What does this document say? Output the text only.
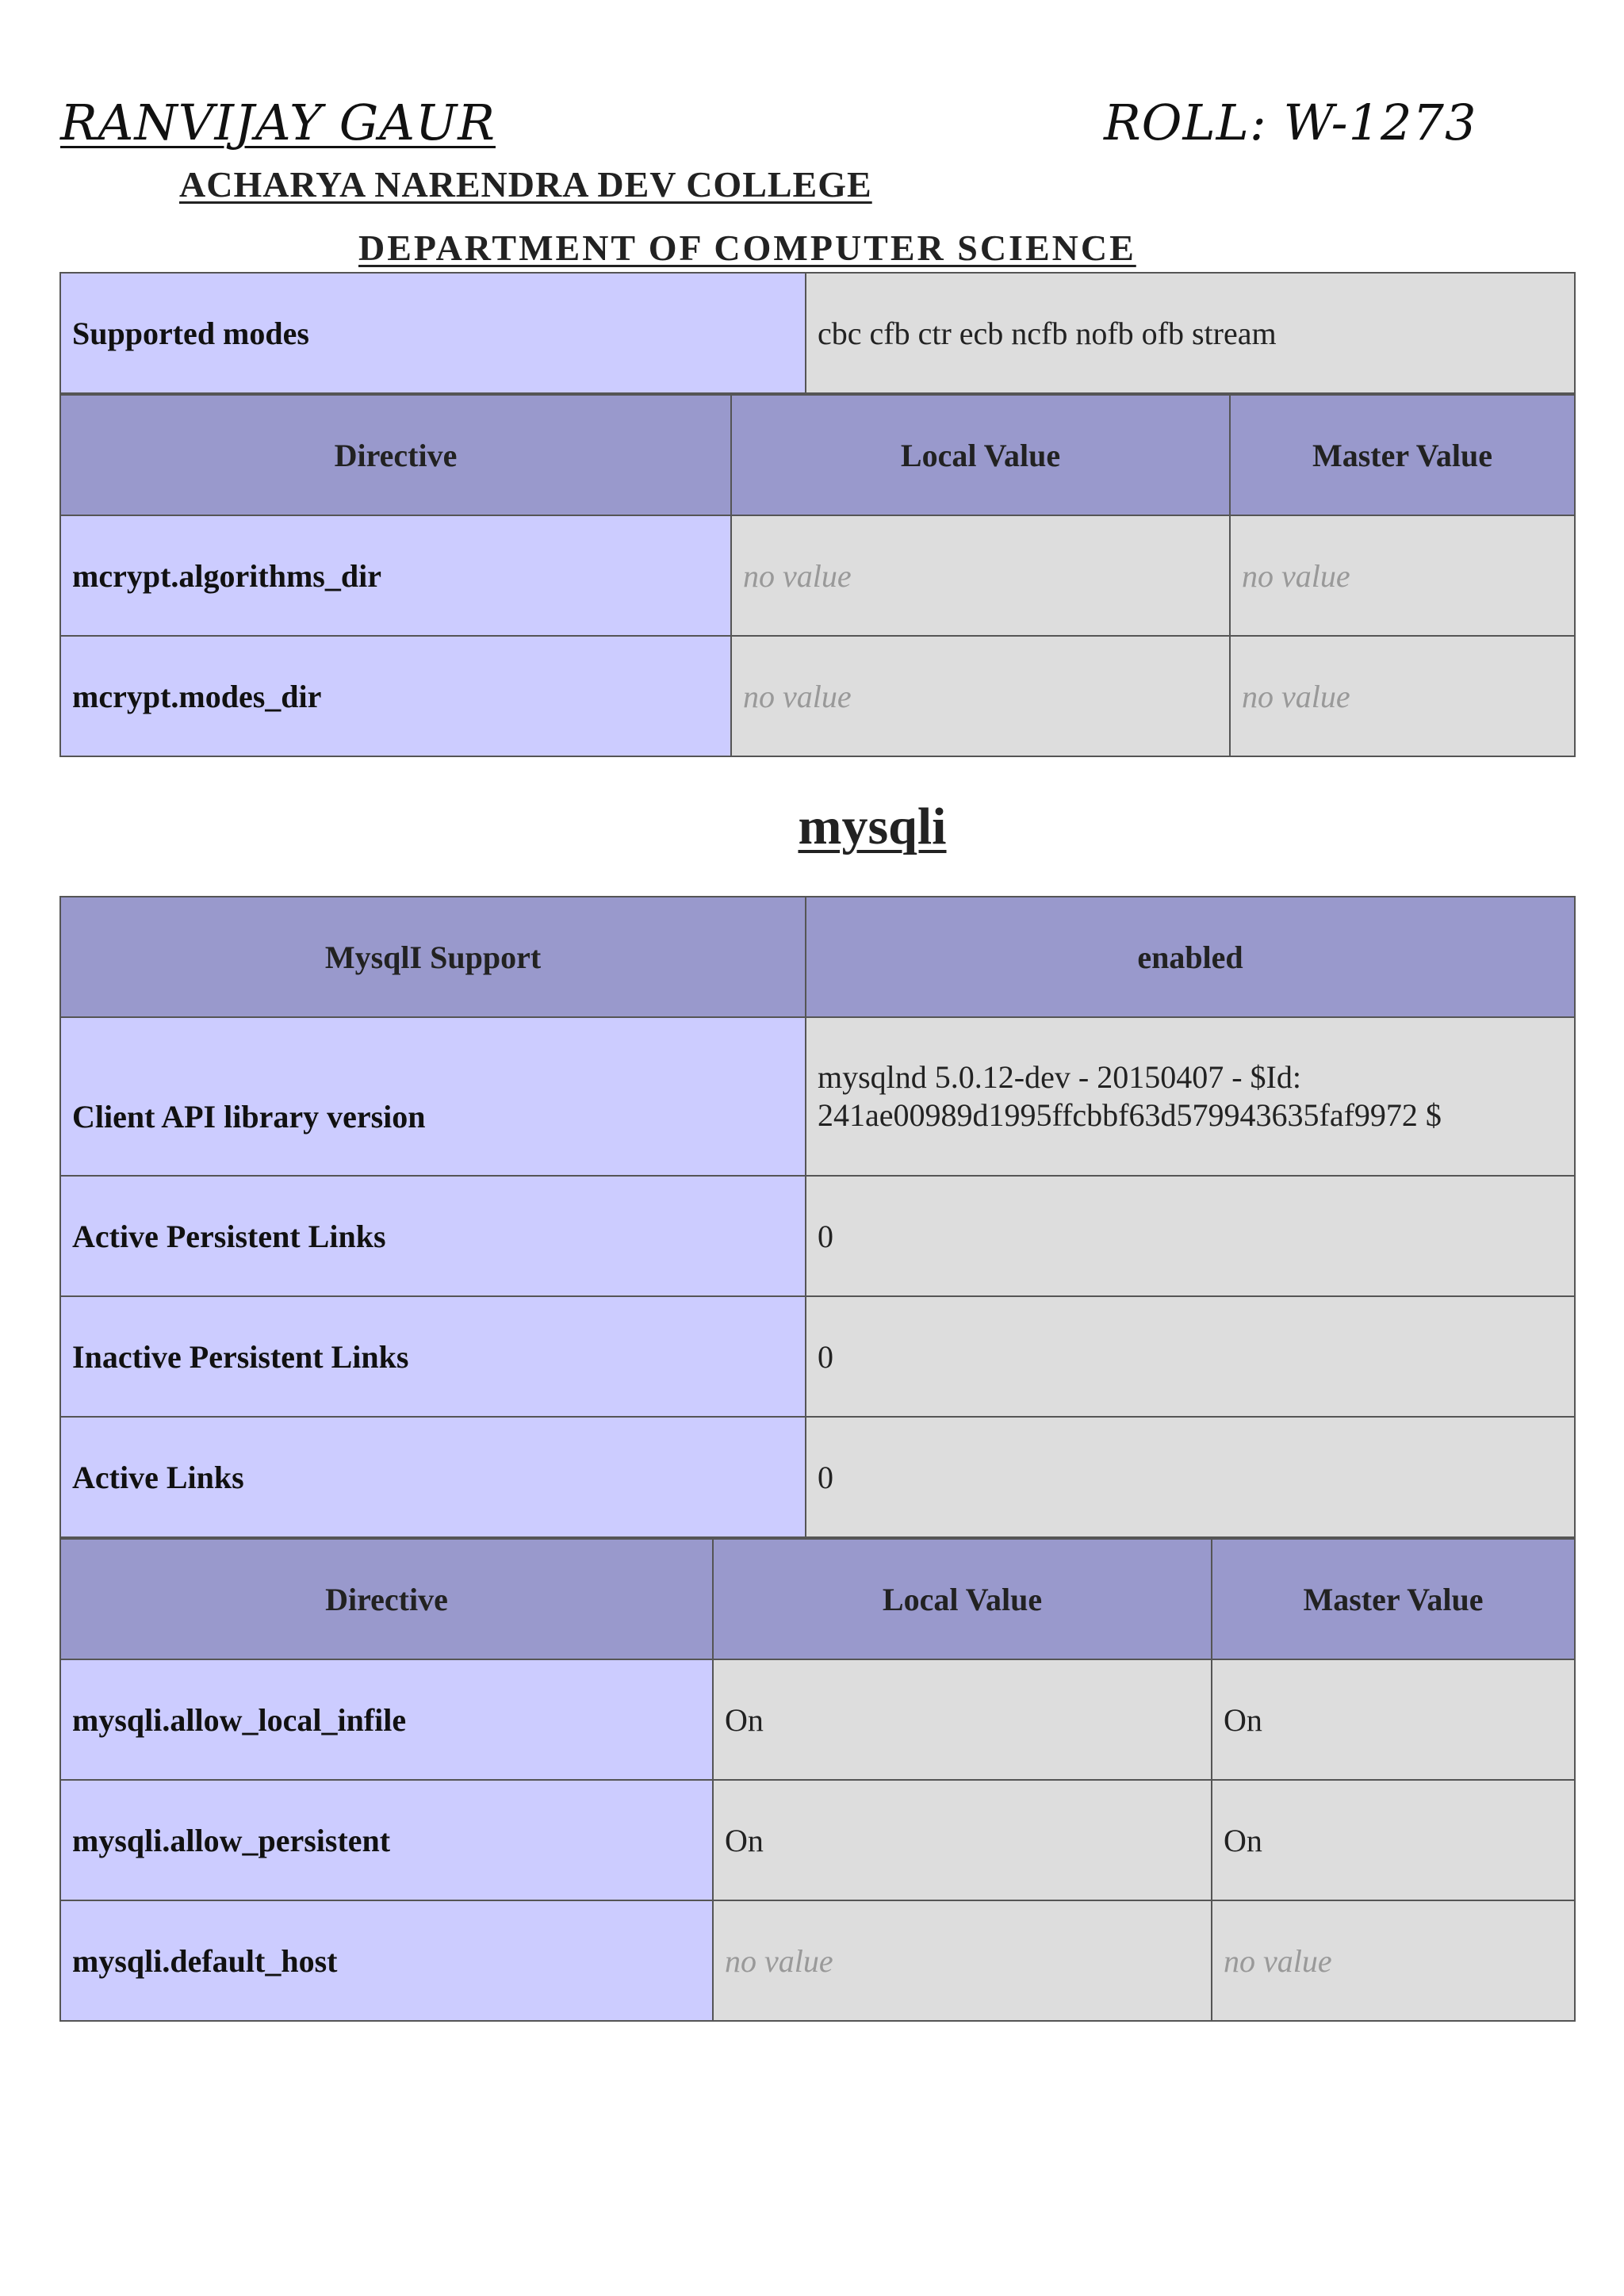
RANVIJAY GAUR	ROLL: W-1273
ACHARYA NARENDRA DEV COLLEGE
DEPARTMENT OF COMPUTER SCIENCE
Supported modes	cbc cfb ctr ecb ncfb nofb ofb stream
Directive	Local Value	Master Value
mcrypt.algorithms_dir	no value	no value
mcrypt.modes_dir	no value	no value
mysqli
MysqlI Support	enabled
Client API library version	mysqlnd 5.0.12-dev - 20150407 - $Id: 241ae00989d1995ffcbbf63d579943635faf9972 $
Active Persistent Links	0
Inactive Persistent Links	0
Active Links	0
Directive	Local Value	Master Value
mysqli.allow_local_infile	On	On
mysqli.allow_persistent	On	On
mysqli.default_host	no value	no value
